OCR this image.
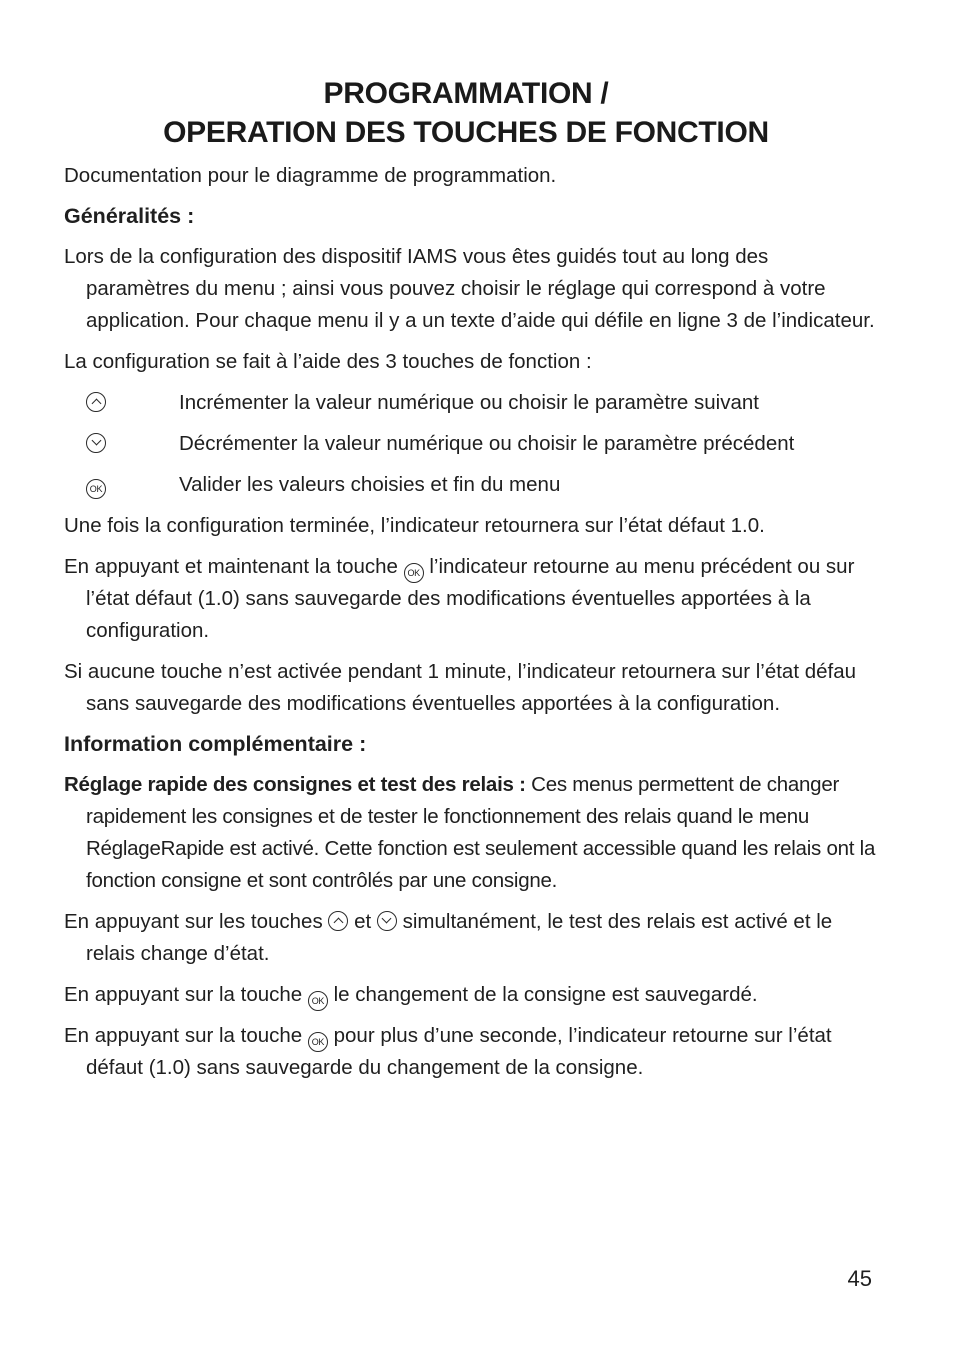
PROGRAMMATION /
OPERATION DES TOUCHES DE FONCTION

Documentation pour le diagramme de programmation.

Généralités :

Lors de la configuration des dispositif IAMS vous êtes guidés tout au long des paramètres du menu ; ainsi vous pouvez choisir le réglage qui correspond à votre application. Pour chaque menu il y a un texte d’aide qui défile en ligne 3 de l’indicateur.

La configuration se fait à l’aide des 3 touches de fonction :

Incrémenter la valeur numérique ou choisir le paramètre suivant
Décrémenter la valeur numérique ou choisir le paramètre précédent
OK	Valider les valeurs choisies et fin du menu

Une fois la configuration terminée, l’indicateur retournera sur l’état défaut 1.0.

En appuyant et maintenant la touche OK l’indicateur retourne au menu précédent ou sur l’état défaut (1.0) sans sauvegarde des modifications éventuelles apportées à la configuration.

Si aucune touche n’est activée pendant 1 minute, l’indicateur retournera sur l’état défau sans sauvegarde des modifications éventuelles apportées à la configuration.

Information complémentaire :

Réglage rapide des consignes et test des relais : Ces menus permettent de changer rapidement les consignes et de tester le fonctionnement des relais quand le menu RéglageRapide est activé. Cette fonction est seulement accessible quand les relais ont la fonction consigne et sont contrôlés par une consigne.

En appuyant sur les touches et simultanément, le test des relais est activé et le relais change d’état.

En appuyant sur la touche OK le changement de la consigne est sauvegardé.

En appuyant sur la touche OK pour plus d’une seconde, l’indicateur retourne sur l’état défaut (1.0) sans sauvegarde du changement de la consigne.

45
